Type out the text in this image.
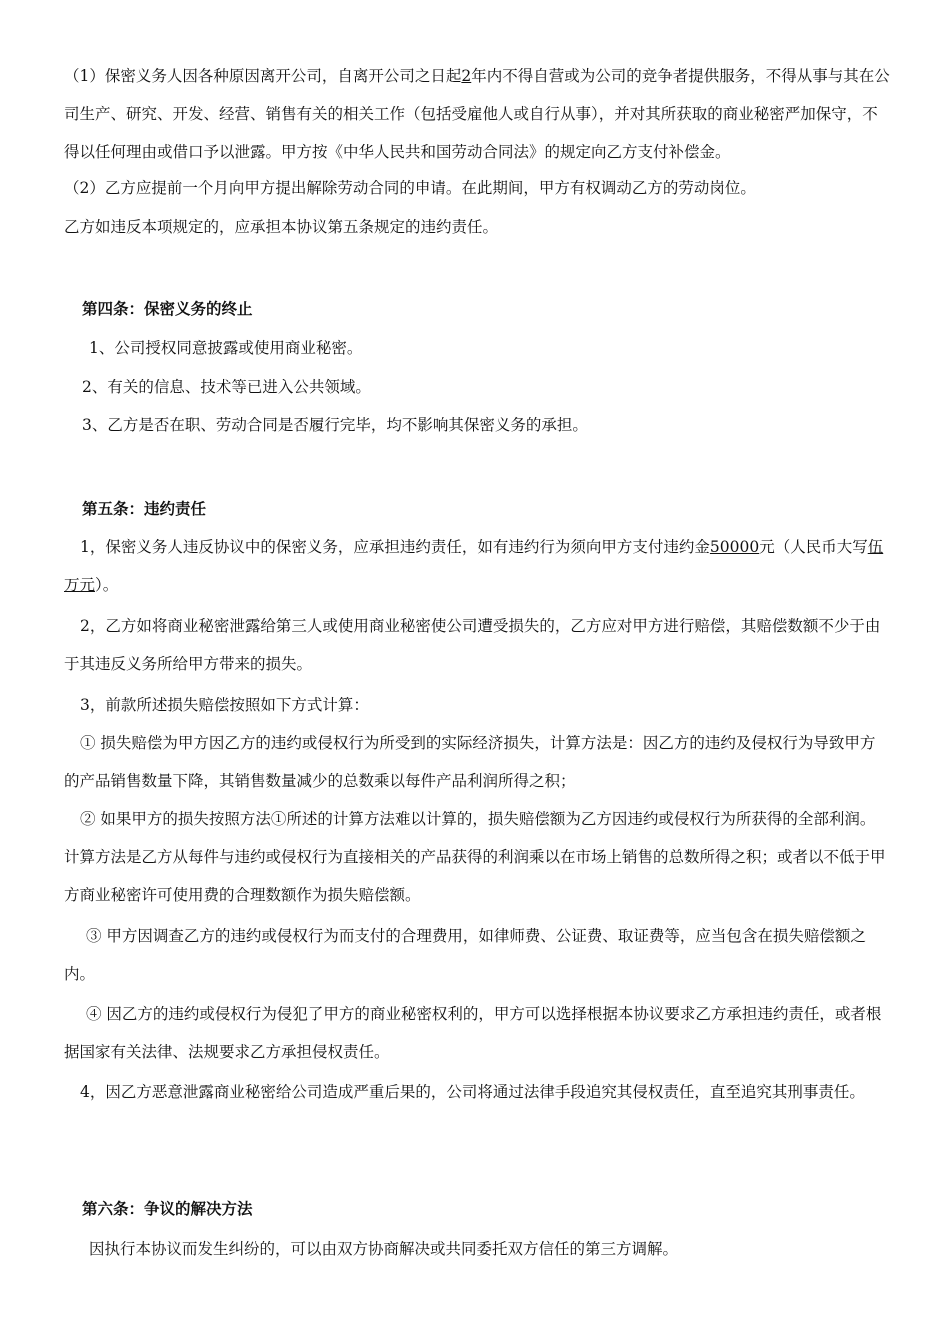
（1）保密义务人因各种原因离开公司，自离开公司之日起2年内不得自营或为公司的竞争者提供服务，不得从事与其在公司生产、研究、开发、经营、销售有关的相关工作（包括受雇他人或自行从事），并对其所获取的商业秘密严加保守，不得以任何理由或借口予以泄露。甲方按《中华人民共和国劳动合同法》的规定向乙方支付补偿金。

（2）乙方应提前一个月向甲方提出解除劳动合同的申请。在此期间，甲方有权调动乙方的劳动岗位。

乙方如违反本项规定的，应承担本协议第五条规定的违约责任。

第四条：保密义务的终止

1、公司授权同意披露或使用商业秘密。

2、有关的信息、技术等已进入公共领域。

3、乙方是否在职、劳动合同是否履行完毕，均不影响其保密义务的承担。

第五条：违约责任

1，保密义务人违反协议中的保密义务，应承担违约责任，如有违约行为须向甲方支付违约金50000元（人民币大写伍万元）。

2，乙方如将商业秘密泄露给第三人或使用商业秘密使公司遭受损失的，乙方应对甲方进行赔偿，其赔偿数额不少于由于其违反义务所给甲方带来的损失。

3，前款所述损失赔偿按照如下方式计算：

① 损失赔偿为甲方因乙方的违约或侵权行为所受到的实际经济损失，计算方法是：因乙方的违约及侵权行为导致甲方的产品销售数量下降，其销售数量减少的总数乘以每件产品利润所得之积；

② 如果甲方的损失按照方法①所述的计算方法难以计算的，损失赔偿额为乙方因违约或侵权行为所获得的全部利润。计算方法是乙方从每件与违约或侵权行为直接相关的产品获得的利润乘以在市场上销售的总数所得之积；或者以不低于甲方商业秘密许可使用费的合理数额作为损失赔偿额。

③ 甲方因调查乙方的违约或侵权行为而支付的合理费用，如律师费、公证费、取证费等，应当包含在损失赔偿额之内。

④ 因乙方的违约或侵权行为侵犯了甲方的商业秘密权利的，甲方可以选择根据本协议要求乙方承担违约责任，或者根据国家有关法律、法规要求乙方承担侵权责任。

4，因乙方恶意泄露商业秘密给公司造成严重后果的，公司将通过法律手段追究其侵权责任，直至追究其刑事责任。

第六条：争议的解决方法

因执行本协议而发生纠纷的，可以由双方协商解决或共同委托双方信任的第三方调解。
